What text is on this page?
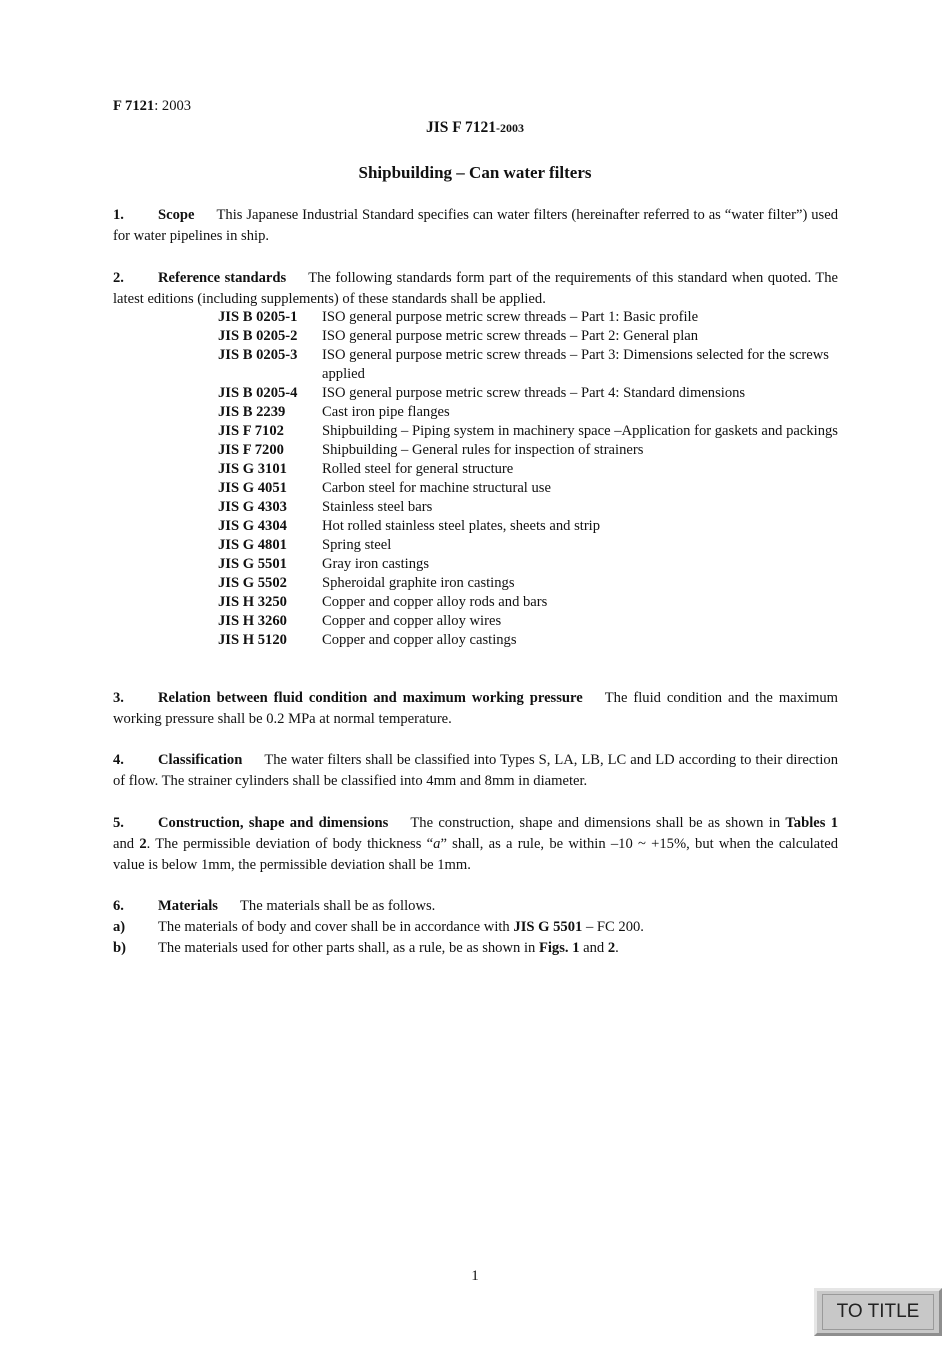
F 7121: 2003
JIS F 7121-2003
Shipbuilding – Can water filters
1. Scope This Japanese Industrial Standard specifies can water filters (hereinafter referred to as “water filter”) used for water pipelines in ship.
2. Reference standards The following standards form part of the requirements of this standard when quoted. The latest editions (including supplements) of these standards shall be applied.
JIS B 0205-1	ISO general purpose metric screw threads – Part 1: Basic profile
JIS B 0205-2	ISO general purpose metric screw threads – Part 2: General plan
JIS B 0205-3	ISO general purpose metric screw threads – Part 3: Dimensions selected for the screws applied
JIS B 0205-4	ISO general purpose metric screw threads – Part 4: Standard dimensions
JIS B 2239	Cast iron pipe flanges
JIS F 7102	Shipbuilding – Piping system in machinery space –Application for gaskets and packings
JIS F 7200	Shipbuilding – General rules for inspection of strainers
JIS G 3101	Rolled steel for general structure
JIS G 4051	Carbon steel for machine structural use
JIS G 4303	Stainless steel bars
JIS G 4304	Hot rolled stainless steel plates, sheets and strip
JIS G 4801	Spring steel
JIS G 5501	Gray iron castings
JIS G 5502	Spheroidal graphite iron castings
JIS H 3250	Copper and copper alloy rods and bars
JIS H 3260	Copper and copper alloy wires
JIS H 5120	Copper and copper alloy castings
3. Relation between fluid condition and maximum working pressure The fluid condition and the maximum working pressure shall be 0.2 MPa at normal temperature.
4. Classification The water filters shall be classified into Types S, LA, LB, LC and LD according to their direction of flow. The strainer cylinders shall be classified into 4mm and 8mm in diameter.
5. Construction, shape and dimensions The construction, shape and dimensions shall be as shown in Tables 1 and 2. The permissible deviation of body thickness “a” shall, as a rule, be within –10 ~ +15%, but when the calculated value is below 1mm, the permissible deviation shall be 1mm.
6. Materials The materials shall be as follows.
a)	The materials of body and cover shall be in accordance with JIS G 5501 – FC 200.
b)	The materials used for other parts shall, as a rule, be as shown in Figs. 1 and 2.
1
TO TITLE
